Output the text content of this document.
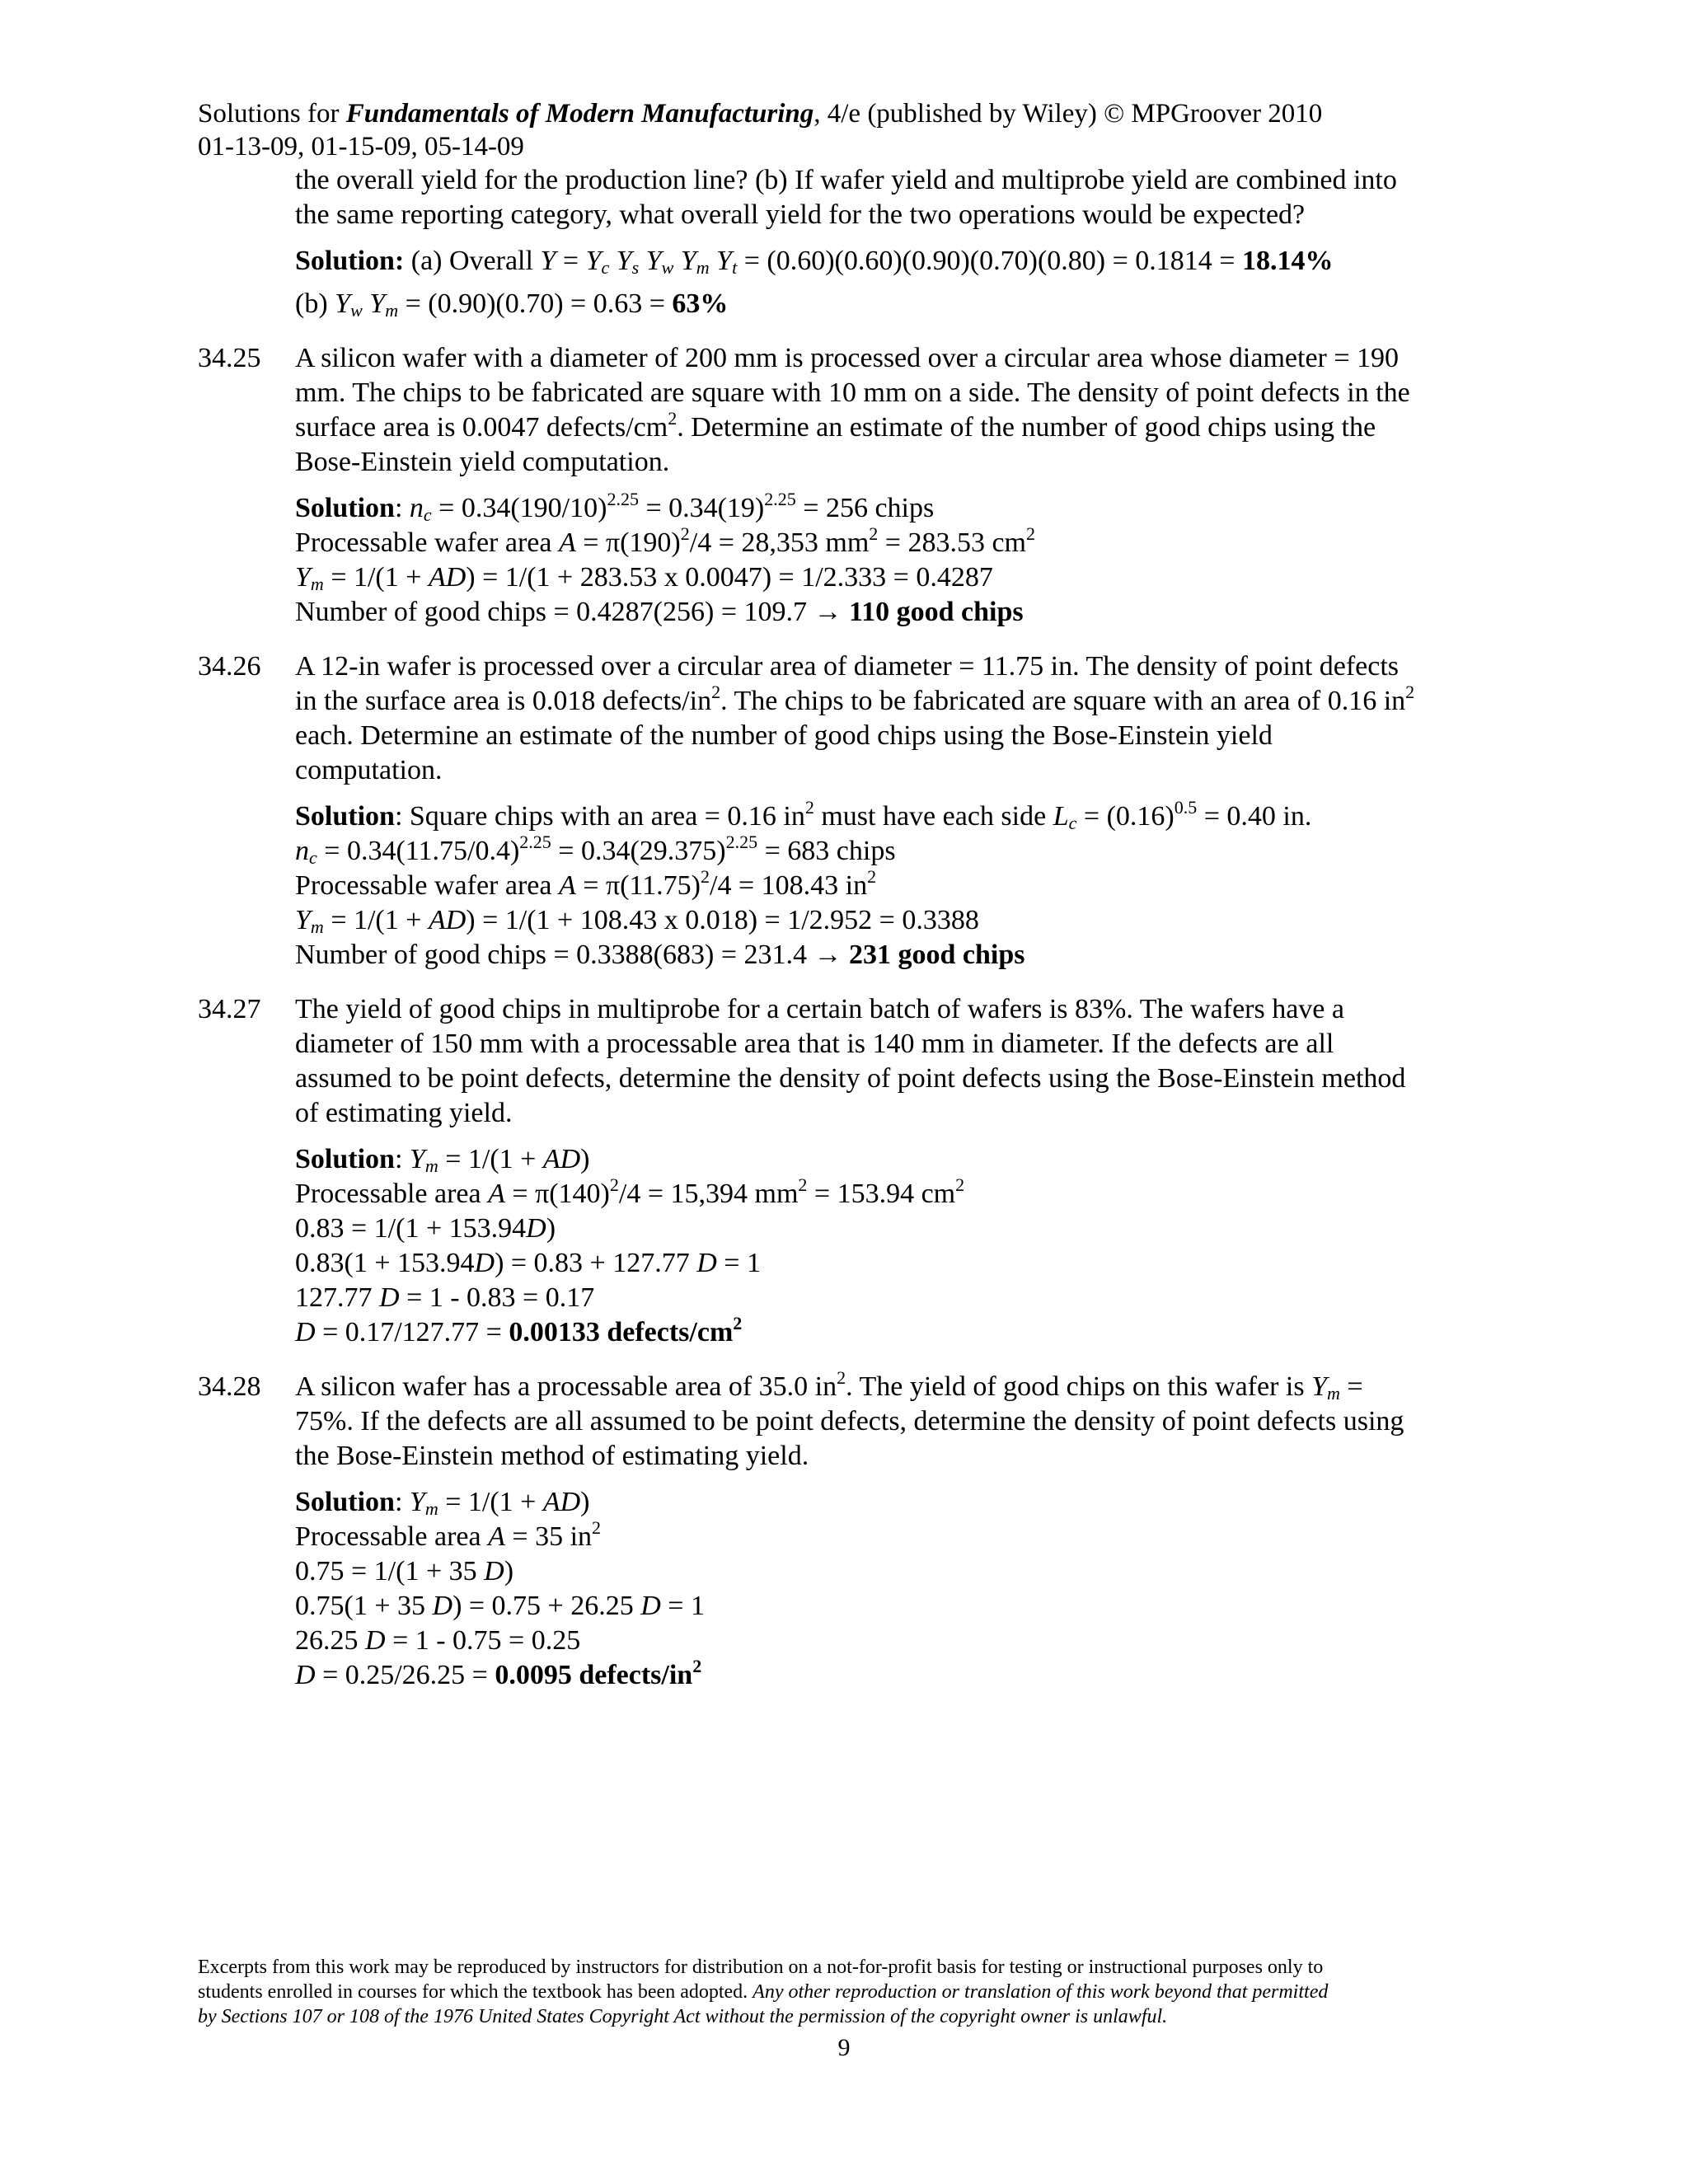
Solutions for Fundamentals of Modern Manufacturing, 4/e (published by Wiley) © MPGroover 2010
01-13-09, 01-15-09, 05-14-09
the overall yield for the production line? (b) If wafer yield and multiprobe yield are combined into
the same reporting category, what overall yield for the two operations would be expected?
Solution: (a) Overall $Y = Y_c$ $Y_s$ $Y_w$ $Y_m$ $Y_t = (0.60)(0.60)(0.90)(0.70)(0.80) = 0.1814 = 18.14\%$
(b) $Y_w$ $Y_m = (0.90)(0.70) = 0.63 = 63\%$
34.25 A silicon wafer with a diameter of 200 mm is processed over a circular area whose diameter = 190
mm. The chips to be fabricated are square with 10 mm on a side. The density of point defects in the
surface area is 0.0047 defects/$cm^2$. Determine an estimate of the number of good chips using the
Bose-Einstein yield computation.
Solution: $n_c = 0.34(190/10)^{2.25} = 0.34(19)^{2.25} = 256$ chips
Processable wafer area $A = \pi(190)^2/4 = 28,353$ $mm^2 = 283.53$ $cm^2$
$Y_m = 1/(1 + AD) = 1/(1 + 283.53$ x 0.0047) = 1/2.333 = 0.4287
Number of good chips = 0.4287(256) = 109.7 → 110 good chips
34.26 A 12-in wafer is processed over a circular area of diameter = 11.75 in. The density of point defects
in the surface area is 0.018 defects/$in^2$. The chips to be fabricated are square with an area of 0.16 $in^2$
each. Determine an estimate of the number of good chips using the Bose-Einstein yield
computation.
Solution: Square chips with an area = 0.16 $in^2$ must have each side $L_c = (0.16)^{0.5} = 0.40$ in.
$n_c = 0.34(11.75/0.4)^{2.25} = 0.34(29.375)^{2.25} = 683$ chips
Processable wafer area $A = \pi(11.75)^2/4 = 108.43$ $in^2$
$Y_m = 1/(1 + AD) = 1/(1 + 108.43$ x 0.018) = 1/2.952 = 0.3388
Number of good chips = 0.3388(683) = 231.4 → 231 good chips
34.27 The yield of good chips in multiprobe for a certain batch of wafers is 83%. The wafers have a
diameter of 150 mm with a processable area that is 140 mm in diameter. If the defects are all
assumed to be point defects, determine the density of point defects using the Bose-Einstein method
of estimating yield.
Solution: $Y_m = 1/(1 + AD)$
Processable area $A = \pi(140)^2/4 = 15,394$ $mm^2 = 153.94$ $cm^2$
0.83 = 1/(1 + 153.94D)
0.83(1 + 153.94D) = 0.83 + 127.77 D = 1
127.77 D = 1 - 0.83 = 0.17
D = 0.17/127.77 = 0.00133 defects/$cm^2$
34.28 A silicon wafer has a processable area of 35.0 $in^2$. The yield of good chips on this wafer is $Y_m$ =
75%. If the defects are all assumed to be point defects, determine the density of point defects using
the Bose-Einstein method of estimating yield.
Solution: $Y_m = 1/(1 + AD)$
Processable area A = 35 $in^2$
0.75 = 1/(1 + 35 D)
0.75(1 + 35 D) = 0.75 + 26.25 D = 1
26.25 D = 1 - 0.75 = 0.25
D = 0.25/26.25 = 0.0095 defects/$in^2$
Excerpts from this work may be reproduced by instructors for distribution on a not-for-profit basis for testing or instructional purposes only to
students enrolled in courses for which the textbook has been adopted. Any other reproduction or translation of this work beyond that permitted
by Sections 107 or 108 of the 1976 United States Copyright Act without the permission of the copyright owner is unlawful.
9
